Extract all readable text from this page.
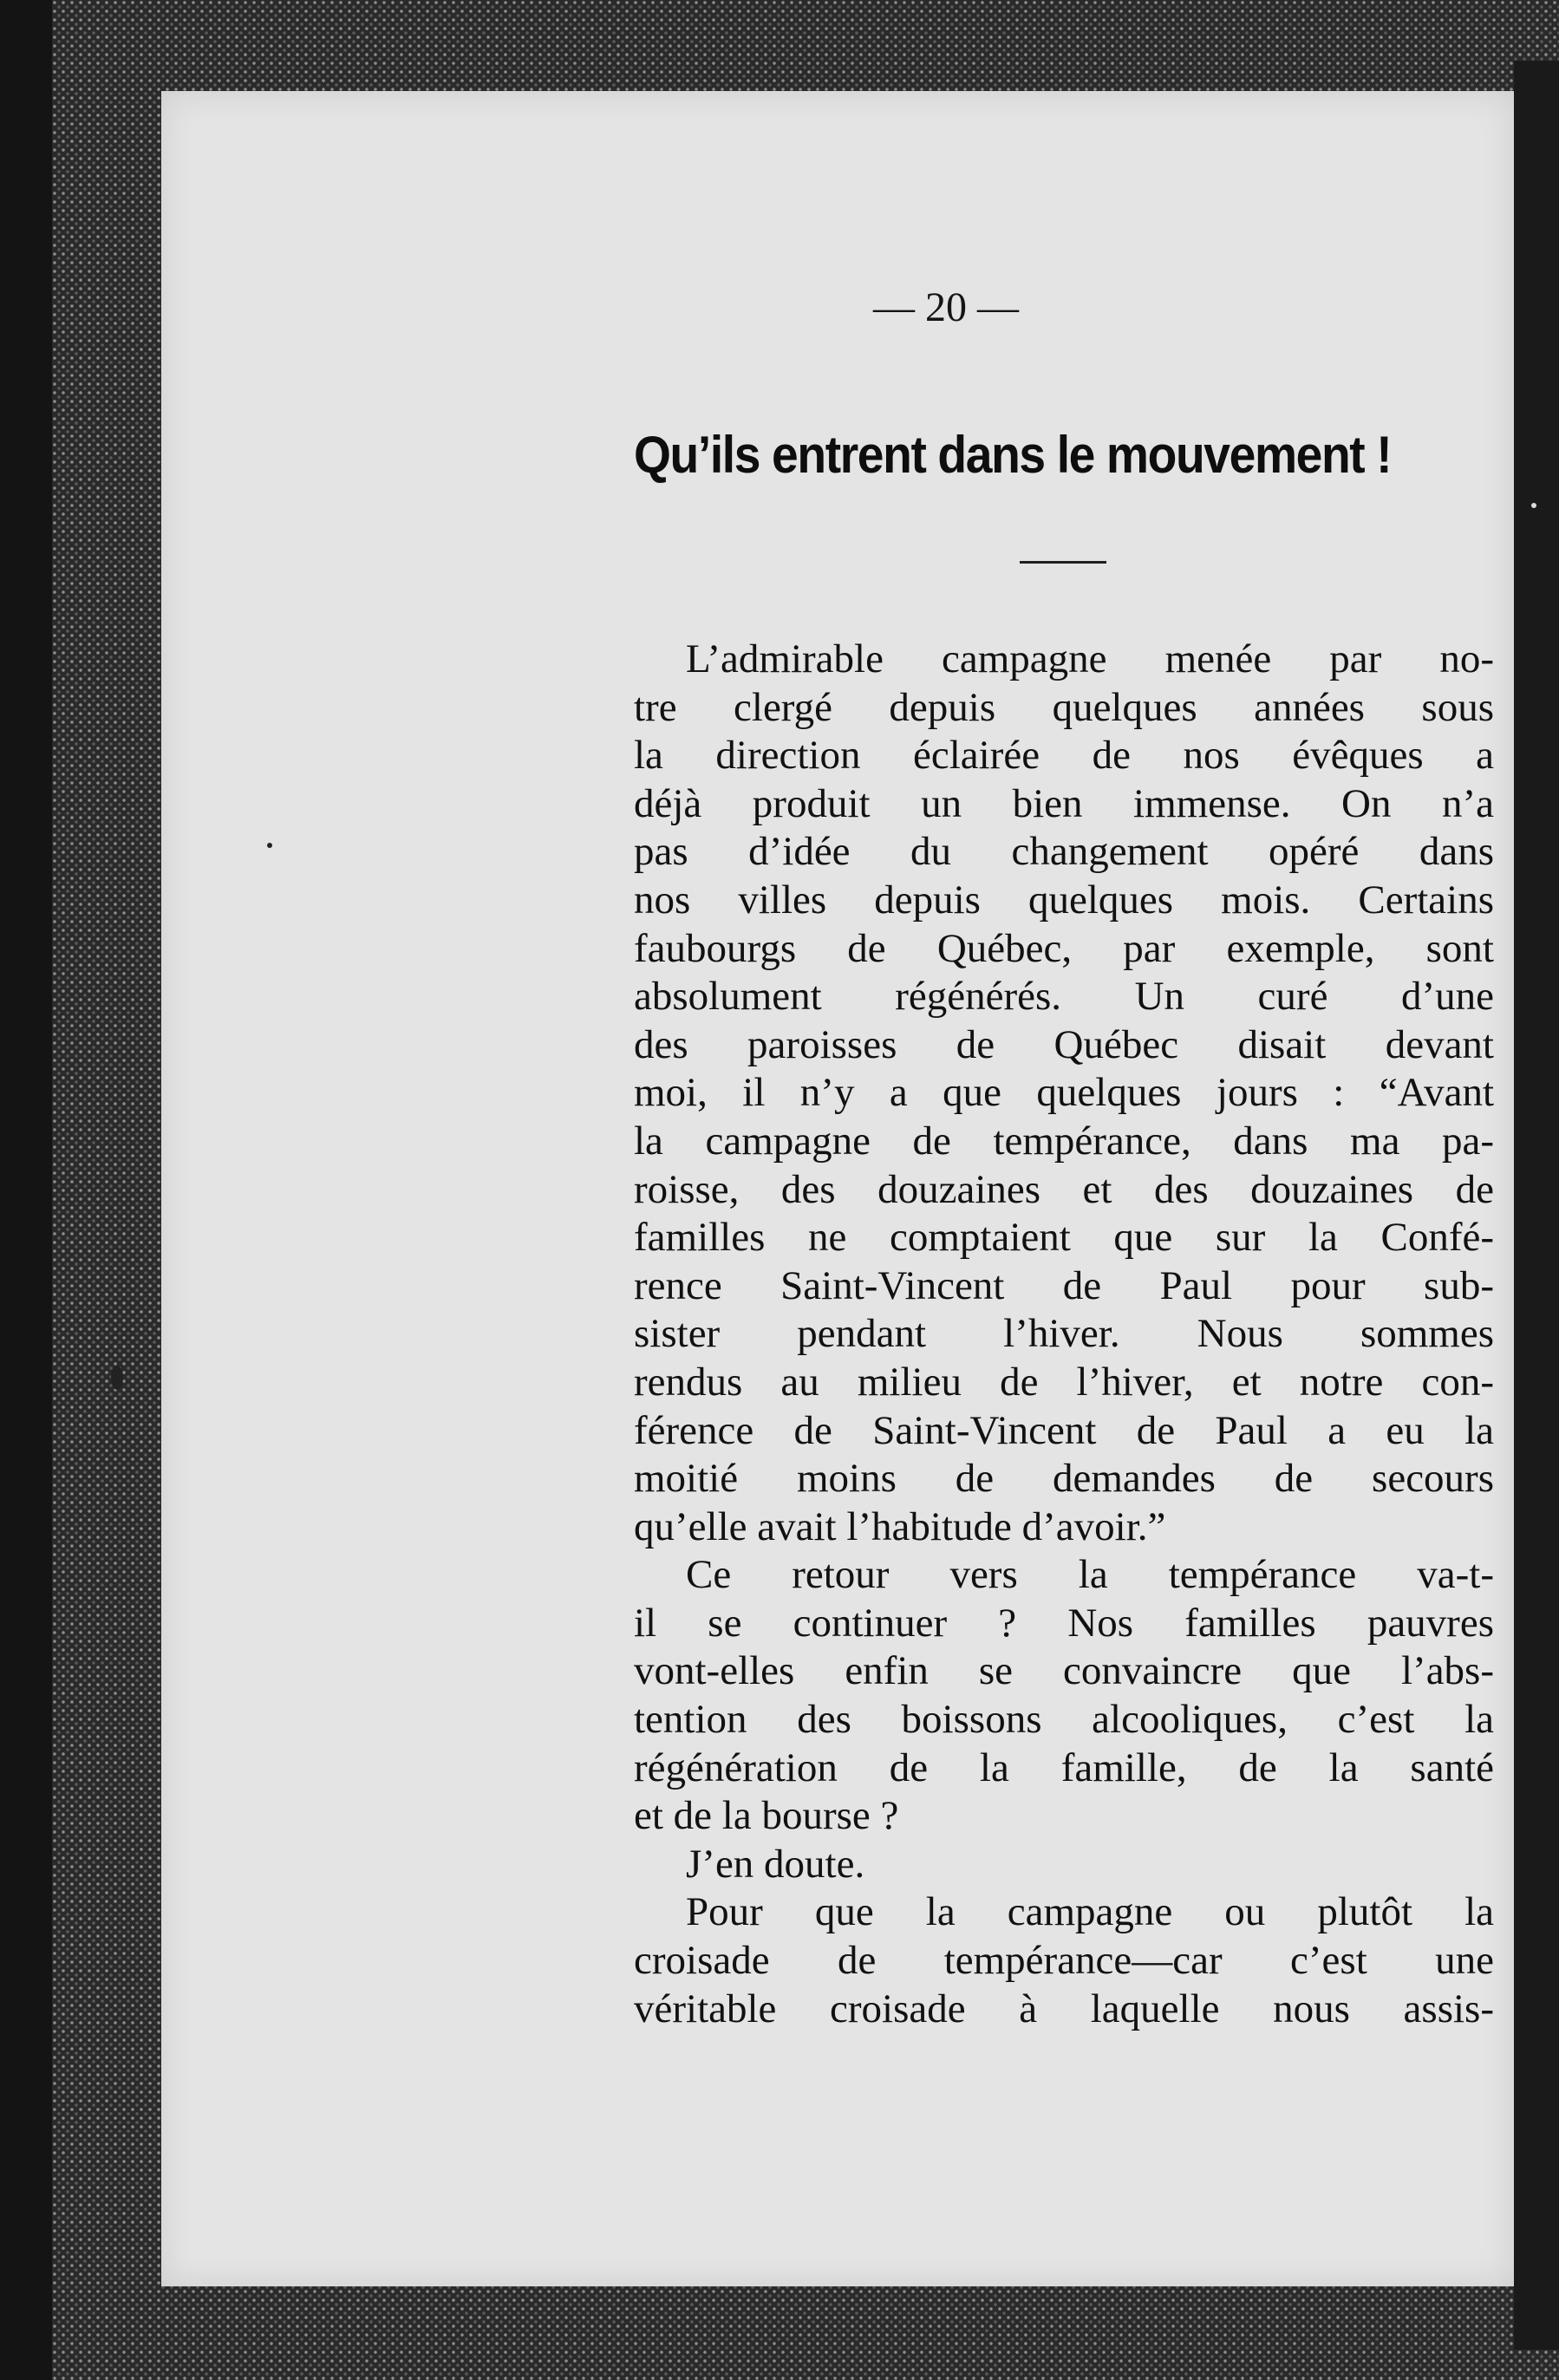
— 20 —
Qu’ils entrent dans le mouvement !
L’admirable campagne menée par no-
tre clergé depuis quelques années sous
la direction éclairée de nos évêques a
déjà produit un bien immense. On n’a
pas d’idée du changement opéré dans
nos villes depuis quelques mois. Certains
faubourgs de Québec, par exemple, sont
absolument régénérés. Un curé d’une
des paroisses de Québec disait devant
moi, il n’y a que quelques jours : “Avant
la campagne de tempérance, dans ma pa-
roisse, des douzaines et des douzaines de
familles ne comptaient que sur la Confé-
rence Saint-Vincent de Paul pour sub-
sister pendant l’hiver. Nous sommes
rendus au milieu de l’hiver, et notre con-
férence de Saint-Vincent de Paul a eu la
moitié moins de demandes de secours
qu’elle avait l’habitude d’avoir.”
Ce retour vers la tempérance va-t-
il se continuer ? Nos familles pauvres
vont-elles enfin se convaincre que l’abs-
tention des boissons alcooliques, c’est la
régénération de la famille, de la santé
et de la bourse ?
J’en doute.
Pour que la campagne ou plutôt la
croisade de tempérance—car c’est une
véritable croisade à laquelle nous assis-
